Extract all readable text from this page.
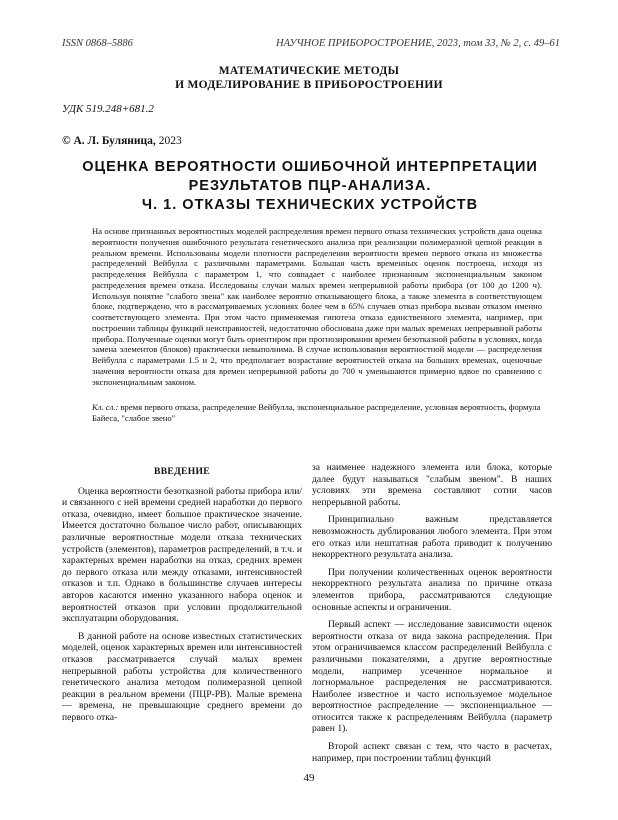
ISSN 0868–5886	НАУЧНОЕ ПРИБОРОСТРОЕНИЕ, 2023, том 33, № 2, с. 49–61
МАТЕМАТИЧЕСКИЕ МЕТОДЫ
И МОДЕЛИРОВАНИЕ В ПРИБОРОСТРОЕНИИ
УДК 519.248+681.2
© А. Л. Буляница, 2023
ОЦЕНКА ВЕРОЯТНОСТИ ОШИБОЧНОЙ ИНТЕРПРЕТАЦИИ
РЕЗУЛЬТАТОВ ПЦР-АНАЛИЗА.
Ч. 1. ОТКАЗЫ ТЕХНИЧЕСКИХ УСТРОЙСТВ

На основе признанных вероятностных моделей распределения времен первого отказа технических устройств дана оценка вероятности получения ошибочного результата генетического анализа при реализации полимеразной цепной реакции в реальном времени. Использованы модели плотности распределения вероятности времен первого отказа из множества распределений Вейбулла с различными параметрами. Большая часть временных оценок построена, исходя из распределения Вейбулла с параметром 1, что совпадает с наиболее признанным экспоненциальным законом распределения времен отказа. Исследованы случаи малых времен непрерывной работы прибора (от 100 до 1200 ч). Используя понятие "слабого звена" как наиболее вероятно отказывающего блока, а также элемента в соответствующем блоке, подтверждено, что в рассматриваемых условиях более чем в 65% случаев отказ прибора вызван отказом именно соответствующего элемента. При этом часто применяемая гипотеза отказа единственного элемента, например, при построении таблицы функций неисправностей, недостаточно обоснована даже при малых временах непрерывной работы прибора. Полученные оценки могут быть ориентиром при прогнозировании времен безотказной работы в условиях, когда замена элементов (блоков) практически невыполнима. В случае использования вероятностной модели — распределения Вейбулла с параметрами 1.5 и 2, что предполагает возрастание вероятностей отказа на больших временах, оценочные значения вероятности отказа для времен непрерывной работы до 700 ч уменьшаются примерно вдвое по сравнению с экспоненциальным законом.

Кл. сл.: время первого отказа, распределение Вейбулла, экспоненциальное распределение, условная вероятность, формула Байеса, "слабое звено"

ВВЕДЕНИЕ

Оценка вероятности безотказной работы прибора или/и связанного с ней времени средней наработки до первого отказа, очевидно, имеет большое практическое значение. Имеется достаточно большое число работ, описывающих различные вероятностные модели отказа технических устройств (элементов), параметров распределений, в т.ч. и характерных времен наработки на отказ, средних времен до первого отказа или между отказами, интенсивностей отказов и т.п. Однако в большинстве случаев интересы авторов касаются именно указанного набора оценок и вероятностей отказов при условии продолжительной эксплуатации оборудования.

В данной работе на основе известных статистических моделей, оценок характерных времен или интенсивностей отказов рассматривается случай малых времен непрерывной работы устройства для количественного генетического анализа методом полимеразной цепной реакции в реальном времени (ПЦР-РВ). Малые времена — времена, не превышающие среднего времени до первого отка-

за наименее надежного элемента или блока, которые далее будут называться "слабым звеном". В наших условиях эти времена составляют сотни часов непрерывной работы.

Принципиально важным представляется невозможность дублирования любого элемента. При этом его отказ или нештатная работа приводит к получению некорректного результата анализа.

При получении количественных оценок вероятности некорректного результата анализа по причине отказа элементов прибора, рассматриваются следующие основные аспекты и ограничения.

Первый аспект — исследование зависимости оценок вероятности отказа от вида закона распределения. При этом ограничиваемся классом распределений Вейбулла с различными показателями, а другие вероятностные модели, например усеченное нормальное и логнормальное распределения не рассматриваются. Наиболее известное и часто используемое модельное вероятностное распределение — экспоненциальное — относится также к распределениям Вейбулла (параметр равен 1).

Второй аспект связан с тем, что часто в расчетах, например, при построении таблиц функций

49
